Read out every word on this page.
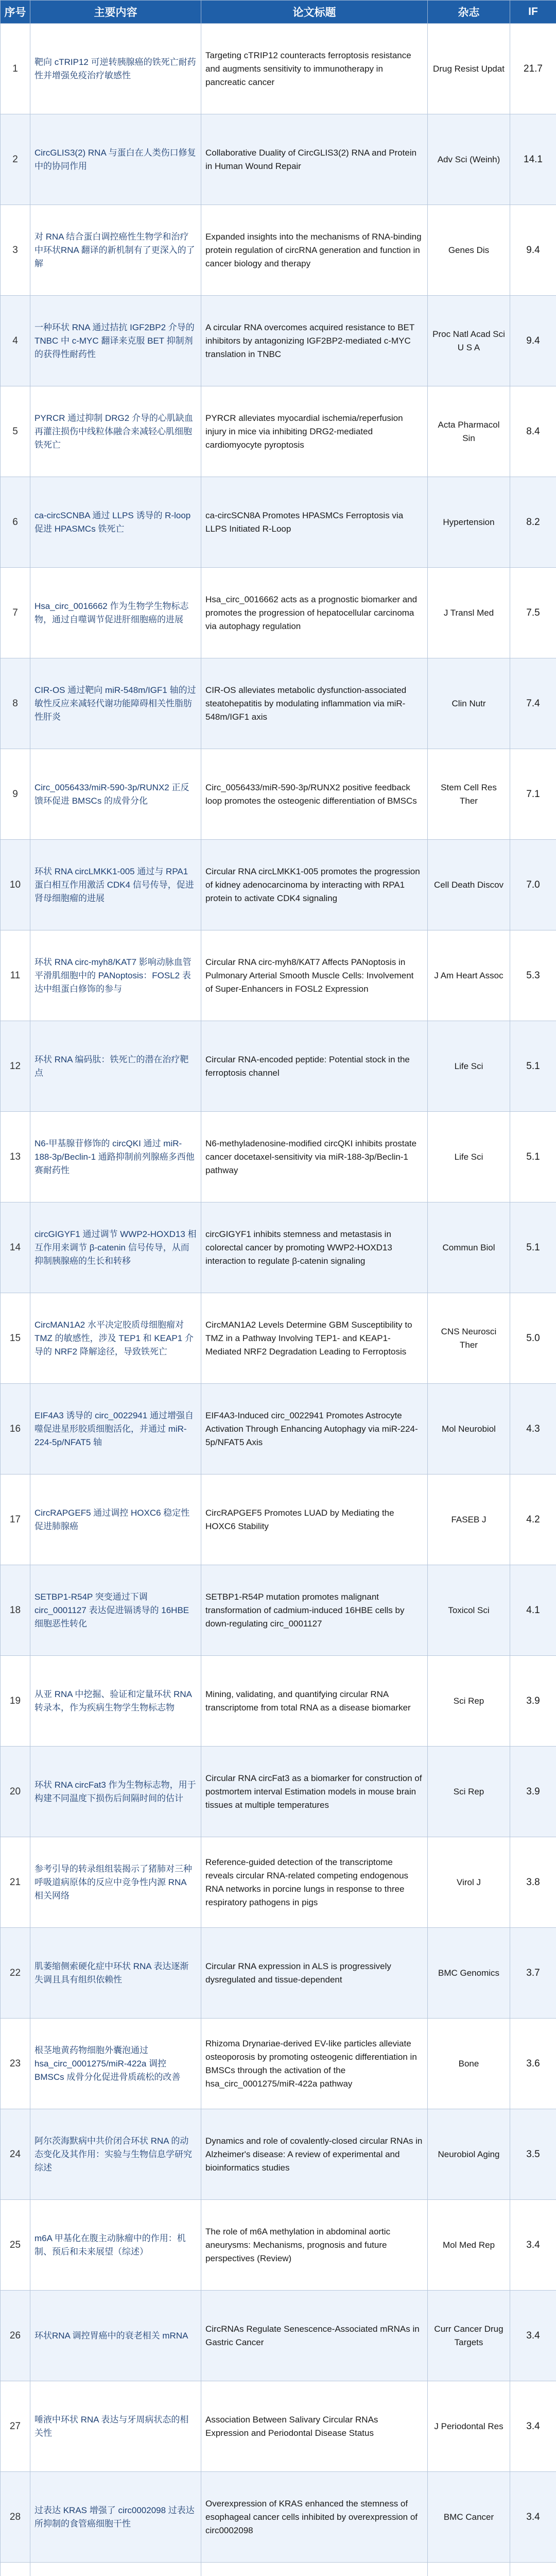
序号	主要内容	论文标题	杂志	IF
1	靶向 cTRIP12 可逆转胰腺癌的铁死亡耐药性并增强免疫治疗敏感性	Targeting cTRIP12 counteracts ferroptosis resistance and augments sensitivity to immunotherapy in pancreatic cancer	Drug Resist Updat	21.7
2	CircGLIS3(2) RNA 与蛋白在人类伤口修复中的协同作用	Collaborative Duality of CircGLIS3(2) RNA and Protein in Human Wound Repair	Adv Sci (Weinh)	14.1
3	对 RNA 结合蛋白调控癌性生物学和治疗中环状RNA 翻译的新机制有了更深入的了解	Expanded insights into the mechanisms of RNA-binding protein regulation of circRNA generation and function in cancer biology and therapy	Genes Dis	9.4
4	一种环状 RNA 通过拮抗 IGF2BP2 介导的 TNBC 中 c-MYC 翻译来克服 BET 抑制剂的获得性耐药性	A circular RNA overcomes acquired resistance to BET inhibitors by antagonizing IGF2BP2-mediated c-MYC translation in TNBC	Proc Natl Acad Sci U S A	9.4
5	PYRCR 通过抑制 DRG2 介导的心肌缺血再灌注损伤中线粒体融合来减轻心肌细胞铁死亡	PYRCR alleviates myocardial ischemia/reperfusion injury in mice via inhibiting DRG2-mediated cardiomyocyte pyroptosis	Acta Pharmacol Sin	8.4
6	ca-circSCNBA 通过 LLPS 诱导的 R-loop 促进 HPASMCs 铁死亡	ca-circSCN8A Promotes HPASMCs Ferroptosis via LLPS Initiated R-Loop	Hypertension	8.2
7	Hsa_circ_0016662 作为生物学生物标志物，通过自噬调节促进肝细胞癌的进展	Hsa_circ_0016662 acts as a prognostic biomarker and promotes the progression of hepatocellular carcinoma via autophagy regulation	J Transl Med	7.5
8	CIR-OS 通过靶向 miR-548m/IGF1 轴的过敏性反应来减轻代谢功能障碍相关性脂肪性肝炎	CIR-OS alleviates metabolic dysfunction-associated steatohepatitis by modulating inflammation via miR-548m/IGF1 axis	Clin Nutr	7.4
9	Circ_0056433/miR-590-3p/RUNX2 正反馈环促进 BMSCs 的成骨分化	Circ_0056433/miR-590-3p/RUNX2 positive feedback loop promotes the osteogenic differentiation of BMSCs	Stem Cell Res Ther	7.1
10	环状 RNA circLMKK1-005 通过与 RPA1 蛋白相互作用激活 CDK4 信号传导，促进肾母细胞瘤的进展	Circular RNA circLMKK1-005 promotes the progression of kidney adenocarcinoma by interacting with RPA1 protein to activate CDK4 signaling	Cell Death Discov	7.0
11	环状 RNA circ-myh8/KAT7 影响动脉血管平滑肌细胞中的 PANoptosis：FOSL2 表达中组蛋白修饰的参与	Circular RNA circ-myh8/KAT7 Affects PANoptosis in Pulmonary Arterial Smooth Muscle Cells: Involvement of Super-Enhancers in FOSL2 Expression	J Am Heart Assoc	5.3
12	环状 RNA 编码肽：铁死亡的潜在治疗靶点	Circular RNA-encoded peptide: Potential stock in the ferroptosis channel	Life Sci	5.1
13	N6-甲基腺苷修饰的 circQKI 通过 miR-188-3p/Beclin-1 通路抑制前列腺癌多西他赛耐药性	N6-methyladenosine-modified circQKI inhibits prostate cancer docetaxel-sensitivity via miR-188-3p/Beclin-1 pathway	Life Sci	5.1
14	circGIGYF1 通过调节 WWP2-HOXD13 相互作用来调节 β-catenin 信号传导，从而抑制胰腺癌的生长和转移	circGIGYF1 inhibits stemness and metastasis in colorectal cancer by promoting WWP2-HOXD13 interaction to regulate β-catenin signaling	Commun Biol	5.1
15	CircMAN1A2 水平决定胶质母细胞瘤对 TMZ 的敏感性，涉及 TEP1 和 KEAP1 介导的 NRF2 降解途径，导致铁死亡	CircMAN1A2 Levels Determine GBM Susceptibility to TMZ in a Pathway Involving TEP1- and KEAP1-Mediated NRF2 Degradation Leading to Ferroptosis	CNS Neurosci Ther	5.0
16	EIF4A3 诱导的 circ_0022941 通过增强自噬促进星形胶质细胞活化，并通过 miR-224-5p/NFAT5 轴	EIF4A3-Induced circ_0022941 Promotes Astrocyte Activation Through Enhancing Autophagy via miR-224-5p/NFAT5 Axis	Mol Neurobiol	4.3
17	CircRAPGEF5 通过调控 HOXC6 稳定性促进肺腺癌	CircRAPGEF5 Promotes LUAD by Mediating the HOXC6 Stability	FASEB J	4.2
18	SETBP1-R54P 突变通过下调 circ_0001127 表达促进镉诱导的 16HBE 细胞恶性转化	SETBP1-R54P mutation promotes malignant transformation of cadmium-induced 16HBE cells by down-regulating circ_0001127	Toxicol Sci	4.1
19	从亚 RNA 中挖掘、验证和定量环状 RNA 转录本，作为疾病生物学生物标志物	Mining, validating, and quantifying circular RNA transcriptome from total RNA as a disease biomarker	Sci Rep	3.9
20	环状 RNA circFat3 作为生物标志物，用于构建不同温度下损伤后间隔时间的估计	Circular RNA circFat3 as a biomarker for construction of postmortem interval Estimation models in mouse brain tissues at multiple temperatures	Sci Rep	3.9
21	参考引导的转录组组装揭示了猪肺对三种呼吸道病原体的反应中竞争性内源 RNA 相关网络	Reference-guided detection of the transcriptome reveals circular RNA-related competing endogenous RNA networks in porcine lungs in response to three respiratory pathogens in pigs	Virol J	3.8
22	肌萎缩侧索硬化症中环状 RNA 表达逐渐失调且具有组织依赖性	Circular RNA expression in ALS is progressively dysregulated and tissue-dependent	BMC Genomics	3.7
23	根茎地黄药物细胞外囊泡通过 hsa_circ_0001275/miR-422a 调控 BMSCs 成骨分化促进骨质疏松的改善	Rhizoma Drynariae-derived EV-like particles alleviate osteoporosis by promoting osteogenic differentiation in BMSCs through the activation of the hsa_circ_0001275/miR-422a pathway	Bone	3.6
24	阿尔茨海默病中共价闭合环状 RNA 的动态变化及其作用：实验与生物信息学研究综述	Dynamics and role of covalently-closed circular RNAs in Alzheimer's disease: A review of experimental and bioinformatics studies	Neurobiol Aging	3.5
25	m6A 甲基化在腹主动脉瘤中的作用：机制、预后和未来展望（综述）	The role of m6A methylation in abdominal aortic aneurysms: Mechanisms, prognosis and future perspectives (Review)	Mol Med Rep	3.4
26	环状RNA 调控胃癌中的衰老相关 mRNA	CircRNAs Regulate Senescence-Associated mRNAs in Gastric Cancer	Curr Cancer Drug Targets	3.4
27	唾液中环状 RNA 表达与牙周病状态的相关性	Association Between Salivary Circular RNAs Expression and Periodontal Disease Status	J Periodontal Res	3.4
28	过表达 KRAS 增强了 circ0002098 过表达所抑制的食管癌细胞干性	Overexpression of KRAS enhanced the stemness of esophageal cancer cells inhibited by overexpression of circ0002098	BMC Cancer	3.4
